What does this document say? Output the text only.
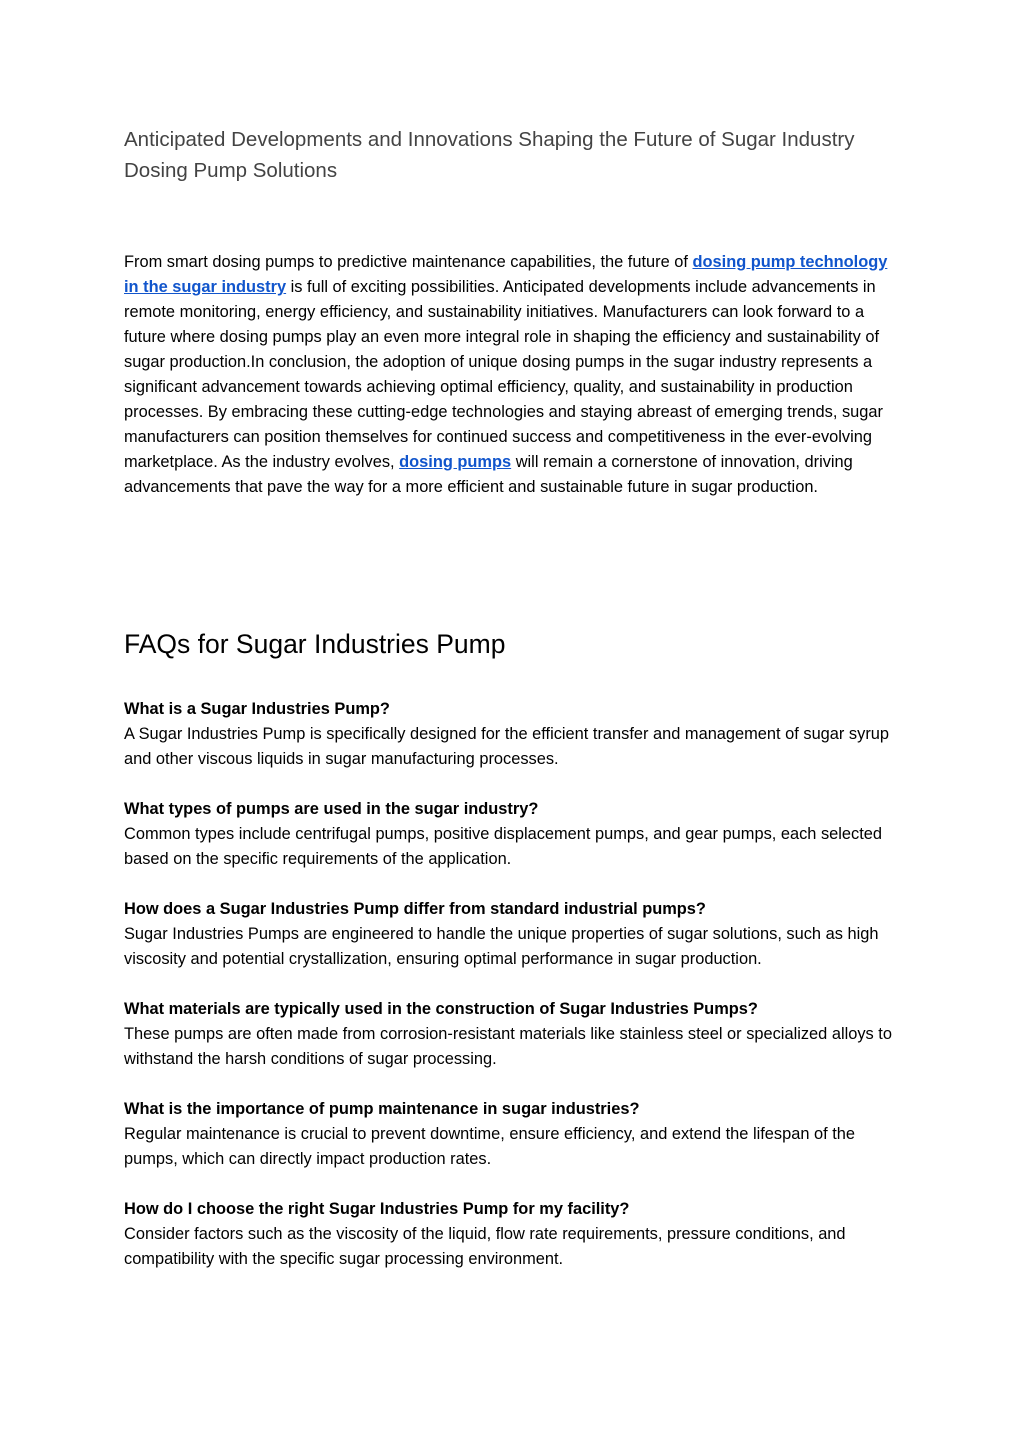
Anticipated Developments and Innovations Shaping the Future of Sugar Industry Dosing Pump Solutions

From smart dosing pumps to predictive maintenance capabilities, the future of dosing pump technology in the sugar industry is full of exciting possibilities. Anticipated developments include advancements in remote monitoring, energy efficiency, and sustainability initiatives. Manufacturers can look forward to a future where dosing pumps play an even more integral role in shaping the efficiency and sustainability of sugar production.In conclusion, the adoption of unique dosing pumps in the sugar industry represents a significant advancement towards achieving optimal efficiency, quality, and sustainability in production processes. By embracing these cutting-edge technologies and staying abreast of emerging trends, sugar manufacturers can position themselves for continued success and competitiveness in the ever-evolving marketplace. As the industry evolves, dosing pumps will remain a cornerstone of innovation, driving advancements that pave the way for a more efficient and sustainable future in sugar production.

FAQs for Sugar Industries Pump
What is a Sugar Industries Pump?
A Sugar Industries Pump is specifically designed for the efficient transfer and management of sugar syrup and other viscous liquids in sugar manufacturing processes.
What types of pumps are used in the sugar industry?
Common types include centrifugal pumps, positive displacement pumps, and gear pumps, each selected based on the specific requirements of the application.
How does a Sugar Industries Pump differ from standard industrial pumps?
Sugar Industries Pumps are engineered to handle the unique properties of sugar solutions, such as high viscosity and potential crystallization, ensuring optimal performance in sugar production.
What materials are typically used in the construction of Sugar Industries Pumps?
These pumps are often made from corrosion-resistant materials like stainless steel or specialized alloys to withstand the harsh conditions of sugar processing.
What is the importance of pump maintenance in sugar industries?
Regular maintenance is crucial to prevent downtime, ensure efficiency, and extend the lifespan of the pumps, which can directly impact production rates.
How do I choose the right Sugar Industries Pump for my facility?
Consider factors such as the viscosity of the liquid, flow rate requirements, pressure conditions, and compatibility with the specific sugar processing environment.
